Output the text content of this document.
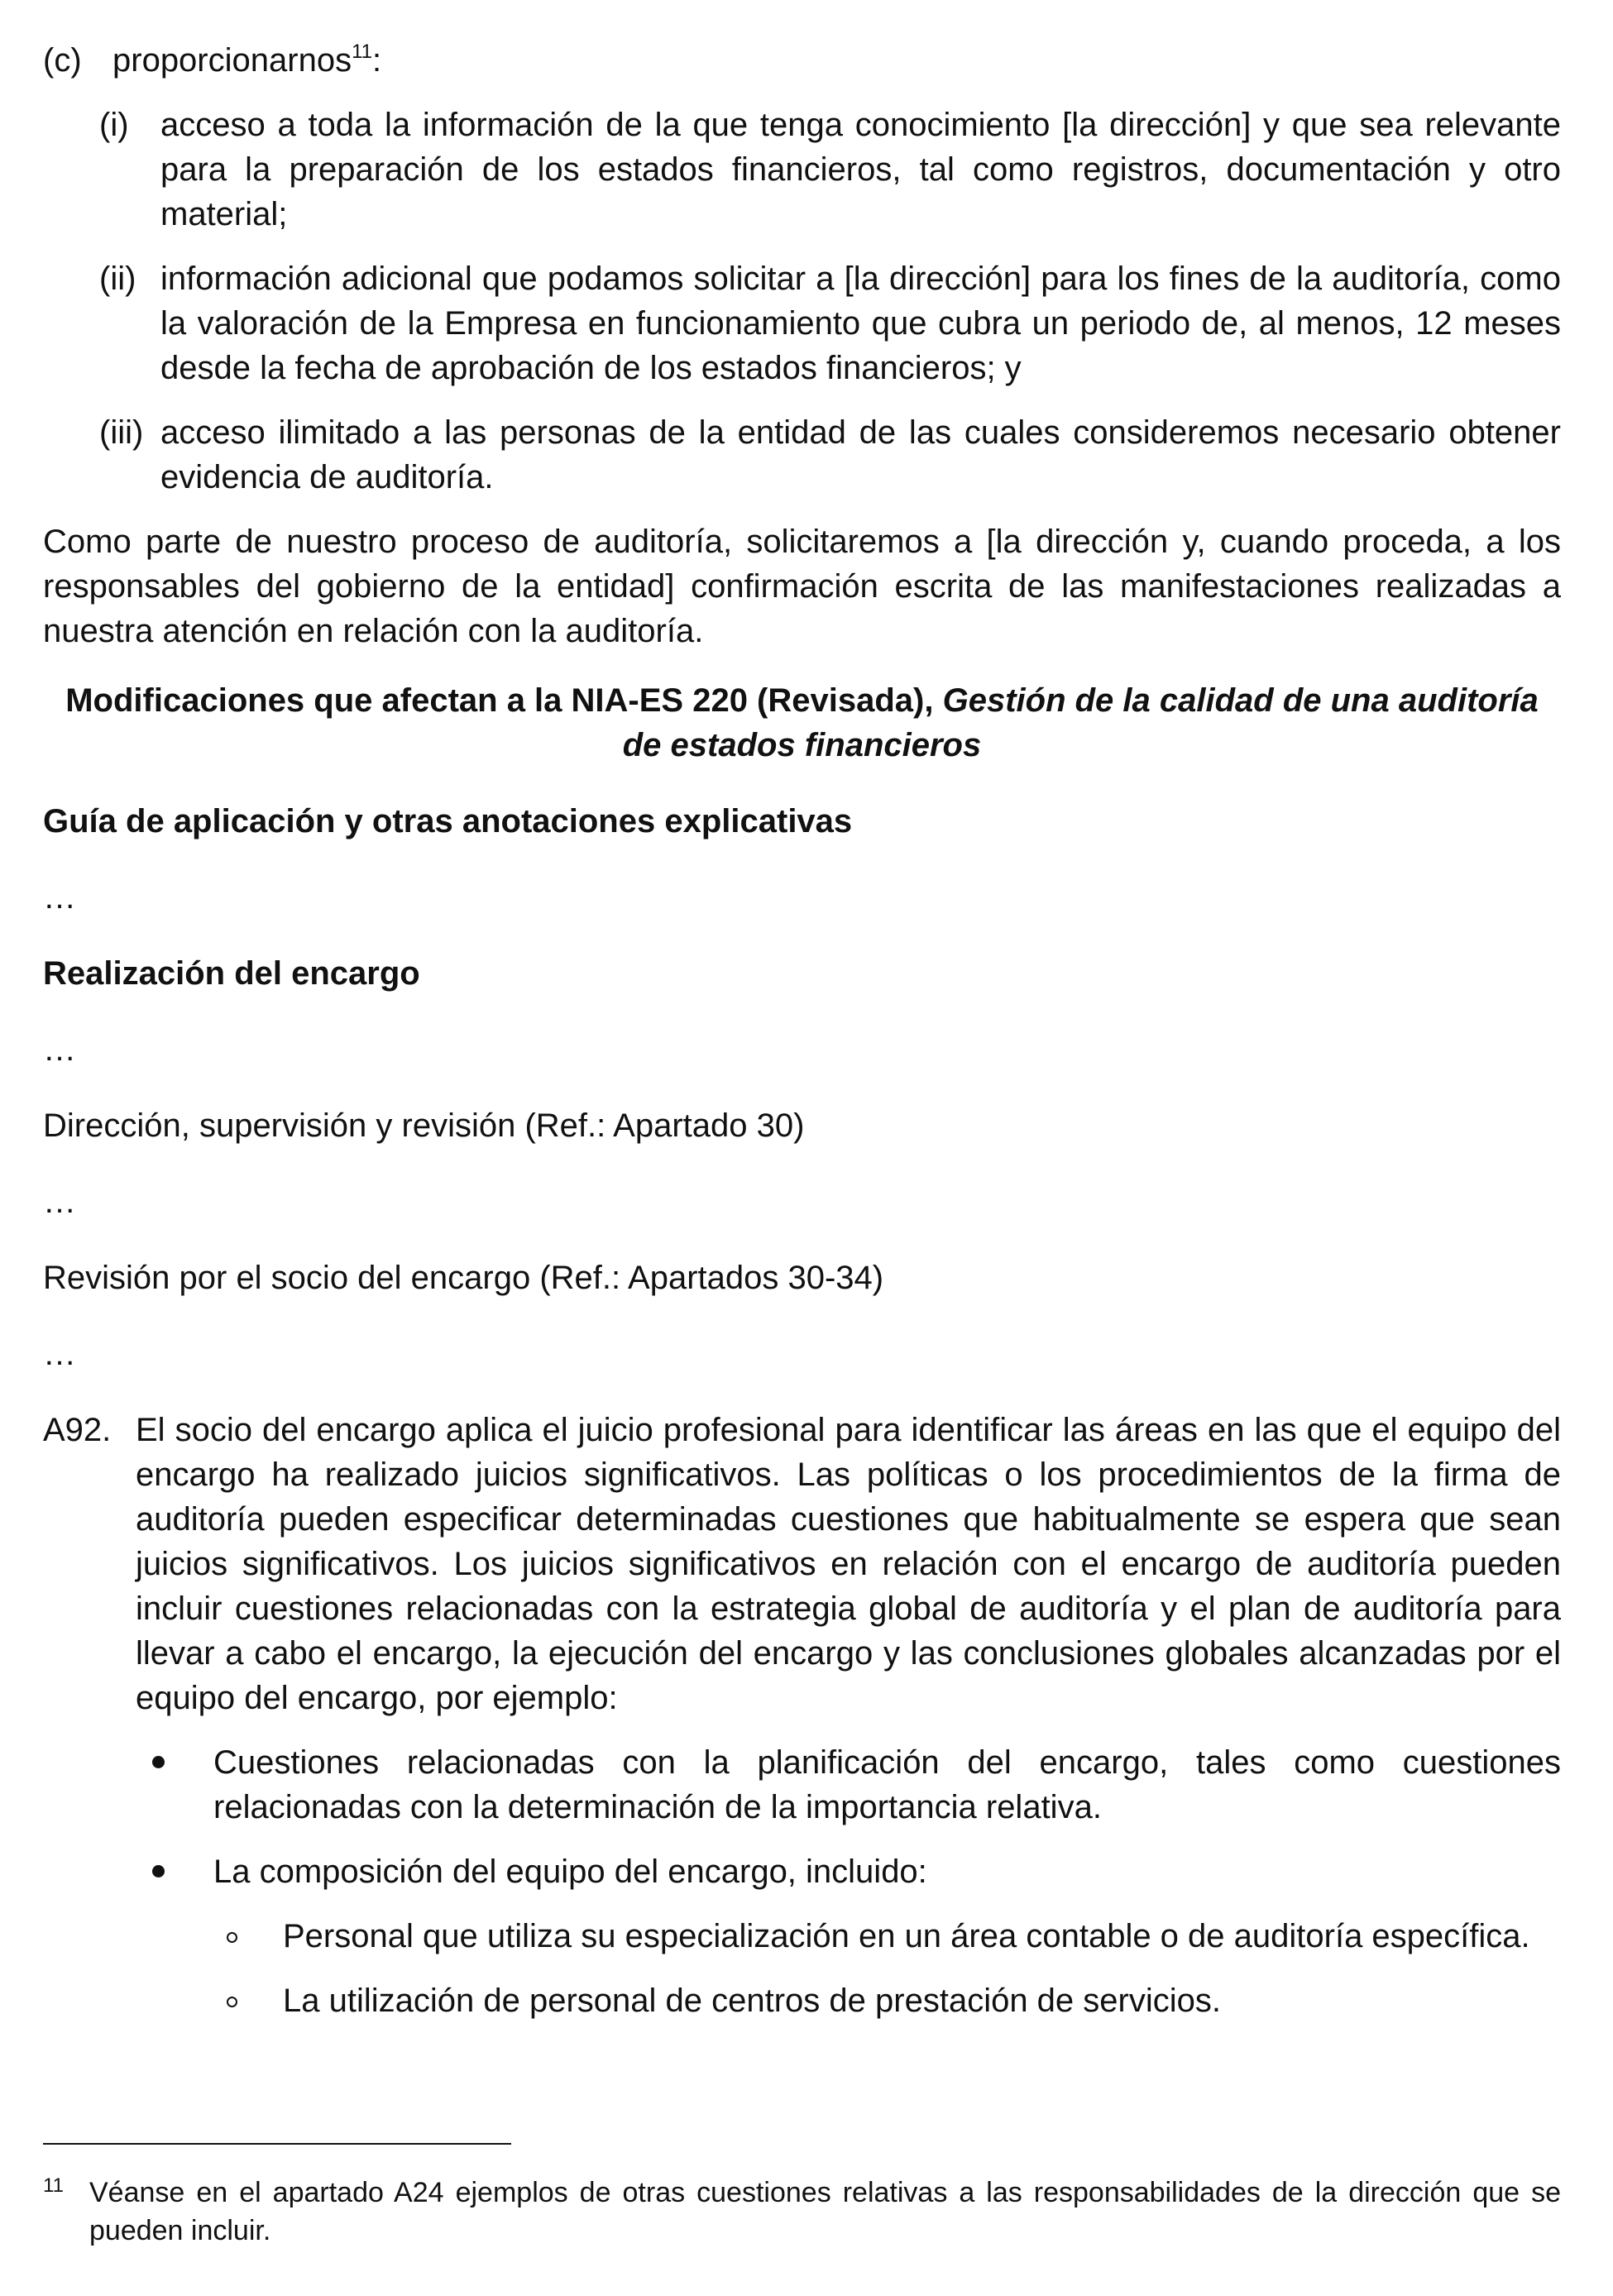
(c) proporcionarnos$^{11}$:
(i) acceso a toda la información de la que tenga conocimiento [la dirección] y que sea relevante para la preparación de los estados financieros, tal como registros, documentación y otro material;
(ii) información adicional que podamos solicitar a [la dirección] para los fines de la auditoría, como la valoración de la Empresa en funcionamiento que cubra un periodo de, al menos, 12 meses desde la fecha de aprobación de los estados financieros; y
(iii) acceso ilimitado a las personas de la entidad de las cuales consideremos necesario obtener evidencia de auditoría.

Como parte de nuestro proceso de auditoría, solicitaremos a [la dirección y, cuando proceda, a los responsables del gobierno de la entidad] confirmación escrita de las manifestaciones realizadas a nuestra atención en relación con la auditoría.

Modificaciones que afectan a la NIA-ES 220 (Revisada), Gestión de la calidad de una auditoría de estados financieros
Guía de aplicación y otras anotaciones explicativas
…
Realización del encargo
…
Dirección, supervisión y revisión (Ref.: Apartado 30)
…
Revisión por el socio del encargo (Ref.: Apartados 30-34)
…
A92. El socio del encargo aplica el juicio profesional para identificar las áreas en las que el equipo del encargo ha realizado juicios significativos. Las políticas o los procedimientos de la firma de auditoría pueden especificar determinadas cuestiones que habitualmente se espera que sean juicios significativos. Los juicios significativos en relación con el encargo de auditoría pueden incluir cuestiones relacionadas con la estrategia global de auditoría y el plan de auditoría para llevar a cabo el encargo, la ejecución del encargo y las conclusiones globales alcanzadas por el equipo del encargo, por ejemplo:
Cuestiones relacionadas con la planificación del encargo, tales como cuestiones relacionadas con la determinación de la importancia relativa.
La composición del equipo del encargo, incluido:
Personal que utiliza su especialización en un área contable o de auditoría específica.
La utilización de personal de centros de prestación de servicios.
11 Véanse en el apartado A24 ejemplos de otras cuestiones relativas a las responsabilidades de la dirección que se pueden incluir.
